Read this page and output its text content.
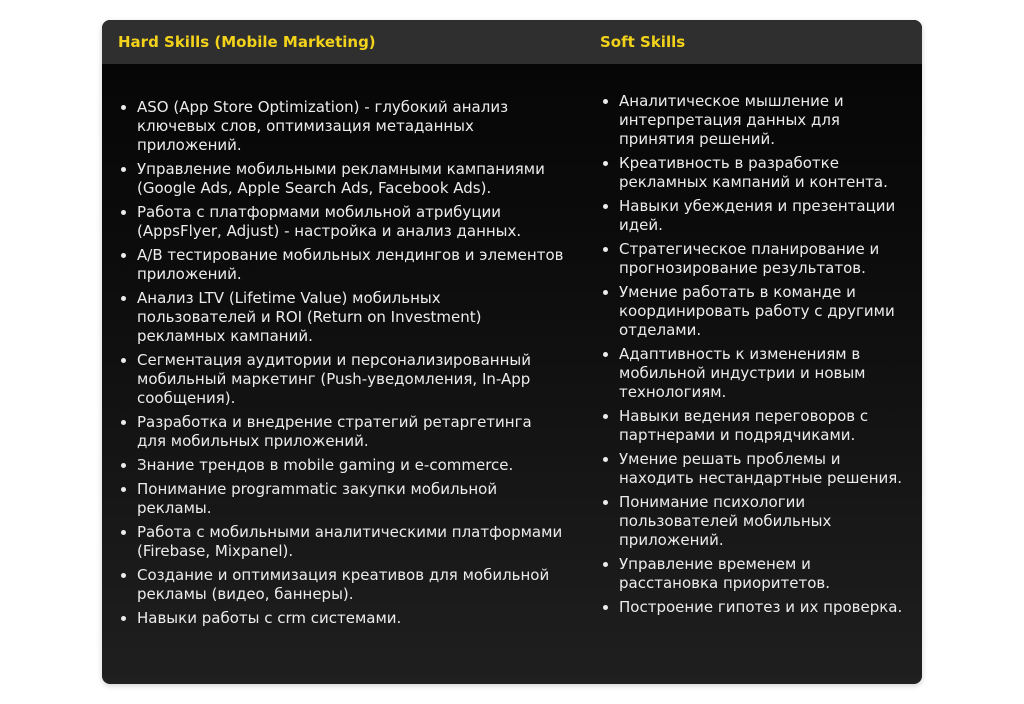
Hard Skills (Mobile Marketing)	Soft Skills
• ASO (App Store Optimization) - глубокий анализ ключевых слов, оптимизация метаданных приложений.
• Управление мобильными рекламными кампаниями (Google Ads, Apple Search Ads, Facebook Ads).
• Работа с платформами мобильной атрибуции (AppsFlyer, Adjust) - настройка и анализ данных.
• A/B тестирование мобильных лендингов и элементов приложений.
• Анализ LTV (Lifetime Value) мобильных пользователей и ROI (Return on Investment) рекламных кампаний.
• Сегментация аудитории и персонализированный мобильный маркетинг (Push-уведомления, In-App сообщения).
• Разработка и внедрение стратегий ретаргетинга для мобильных приложений.
• Знание трендов в mobile gaming и e-commerce.
• Понимание programmatic закупки мобильной рекламы.
• Работа с мобильными аналитическими платформами (Firebase, Mixpanel).
• Создание и оптимизация креативов для мобильной рекламы (видео, баннеры).
• Навыки работы с crm системами.
• Аналитическое мышление и интерпретация данных для принятия решений.
• Креативность в разработке рекламных кампаний и контента.
• Навыки убеждения и презентации идей.
• Стратегическое планирование и прогнозирование результатов.
• Умение работать в команде и координировать работу с другими отделами.
• Адаптивность к изменениям в мобильной индустрии и новым технологиям.
• Навыки ведения переговоров с партнерами и подрядчиками.
• Умение решать проблемы и находить нестандартные решения.
• Понимание психологии пользователей мобильных приложений.
• Управление временем и расстановка приоритетов.
• Построение гипотез и их проверка.
